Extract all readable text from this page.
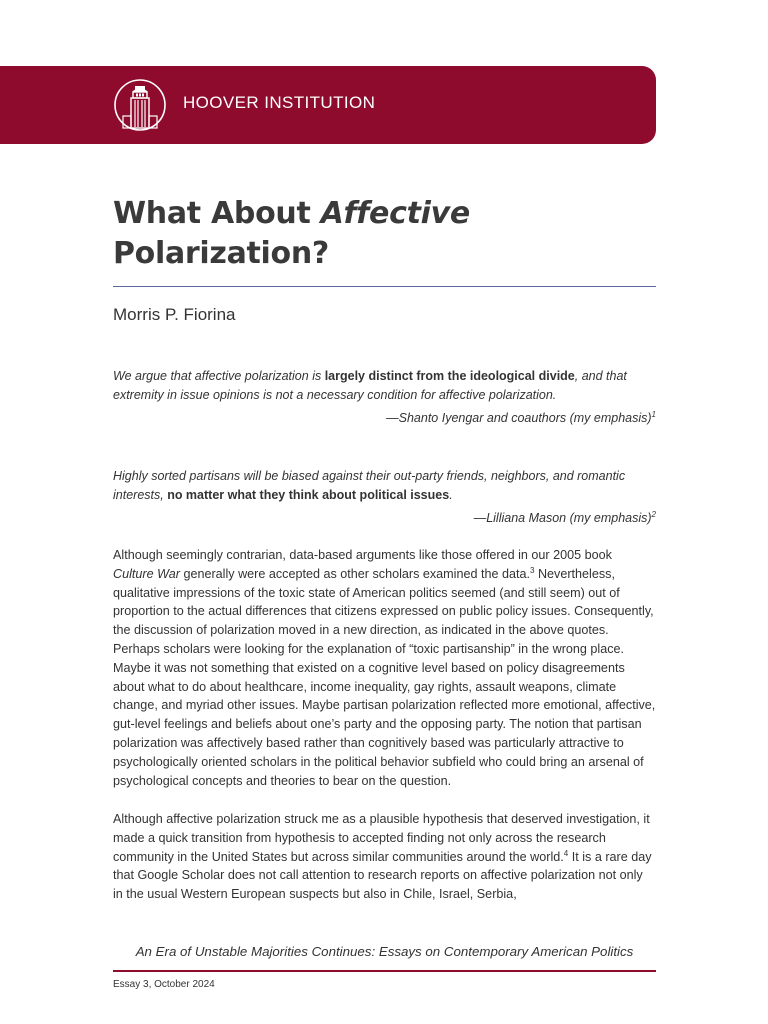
HOOVER INSTITUTION
What About Affective
Polarization?
Morris P. Fiorina
We argue that affective polarization is largely distinct from the ideological divide, and that extremity in issue opinions is not a necessary condition for affective polarization.
—Shanto Iyengar and coauthors (my emphasis)$^1$
Highly sorted partisans will be biased against their out-party friends, neighbors, and romantic interests, no matter what they think about political issues.
—Lilliana Mason (my emphasis)$^2$

Although seemingly contrarian, data-based arguments like those offered in our 2005 book Culture War generally were accepted as other scholars examined the data.$^3$ Nevertheless, qualitative impressions of the toxic state of American politics seemed (and still seem) out of proportion to the actual differences that citizens expressed on public policy issues. Consequently, the discussion of polarization moved in a new direction, as indicated in the above quotes. Perhaps scholars were looking for the explanation of “toxic partisanship” in the wrong place. Maybe it was not something that existed on a cognitive level based on policy disagreements about what to do about healthcare, income inequality, gay rights, assault weapons, climate change, and myriad other issues. Maybe partisan polarization reflected more emotional, affective, gut-level feelings and beliefs about one’s party and the opposing party. The notion that partisan polarization was affectively based rather than cognitively based was particularly attractive to psychologically oriented scholars in the political behavior subfield who could bring an arsenal of psychological concepts and theories to bear on the question.

Although affective polarization struck me as a plausible hypothesis that deserved investigation, it made a quick transition from hypothesis to accepted finding not only across the research community in the United States but across similar communities around the world.$^4$ It is a rare day that Google Scholar does not call attention to research reports on affective polarization not only in the usual Western European suspects but also in Chile, Israel, Serbia,

An Era of Unstable Majorities Continues: Essays on Contemporary American Politics
Essay 3, October 2024
